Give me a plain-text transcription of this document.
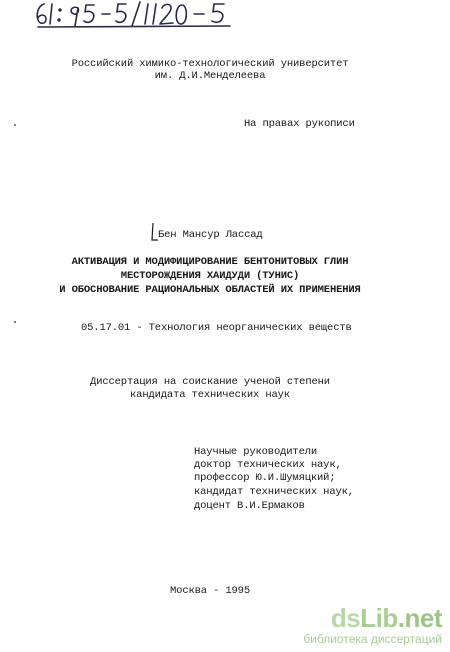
Российский химико-технологический университет
им. Д.И.Менделеева
На правах рукописи
Бен Мансур Лассад
АКТИВАЦИЯ И МОДИФИЦИРОВАНИЕ БЕНТОНИТОВЫХ ГЛИН
МЕСТОРОЖДЕНИЯ ХАИДУДИ (ТУНИС)
И ОБОСНОВАНИЕ РАЦИОНАЛЬНЫХ ОБЛАСТЕЙ ИХ ПРИМЕНЕНИЯ
05.17.01 - Технология неорганических веществ
Диссертация на соискание ученой степени
кандидата технических наук
Научные руководители
доктор технических наук,
профессор Ю.И.Шумяцкий;
кандидат технических наук,
доцент В.И.Ермаков
Москва - 1995
dsLib.net
библиотека диссертаций
